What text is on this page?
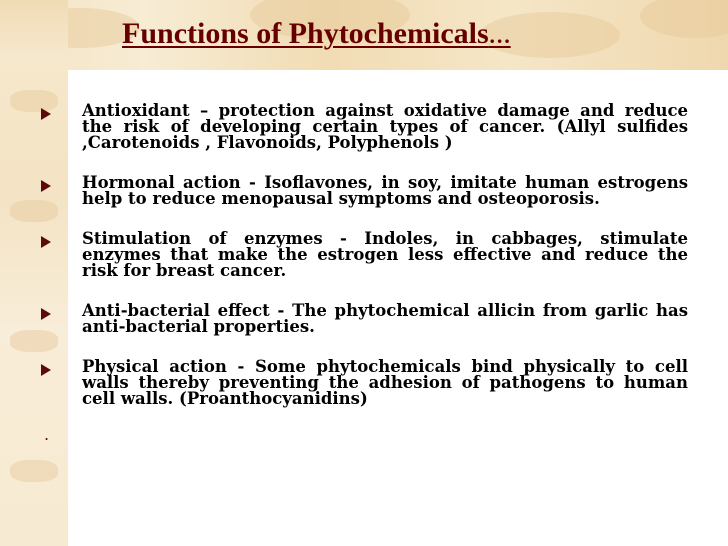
Functions of Phytochemicals…
Antioxidant – protection against oxidative damage and reduce the risk of developing certain types of cancer. (Allyl sulfides ,Carotenoids , Flavonoids, Polyphenols )
Hormonal action - Isoflavones, in soy, imitate human estrogens help to reduce menopausal symptoms and osteoporosis.
Stimulation of enzymes - Indoles, in cabbages, stimulate enzymes that make the estrogen less effective and reduce the risk for breast cancer.
Anti-bacterial effect - The phytochemical allicin from garlic has anti-bacterial properties.
Physical action - Some phytochemicals bind physically to cell walls thereby preventing the adhesion of pathogens to human cell walls. (Proanthocyanidins)
.
